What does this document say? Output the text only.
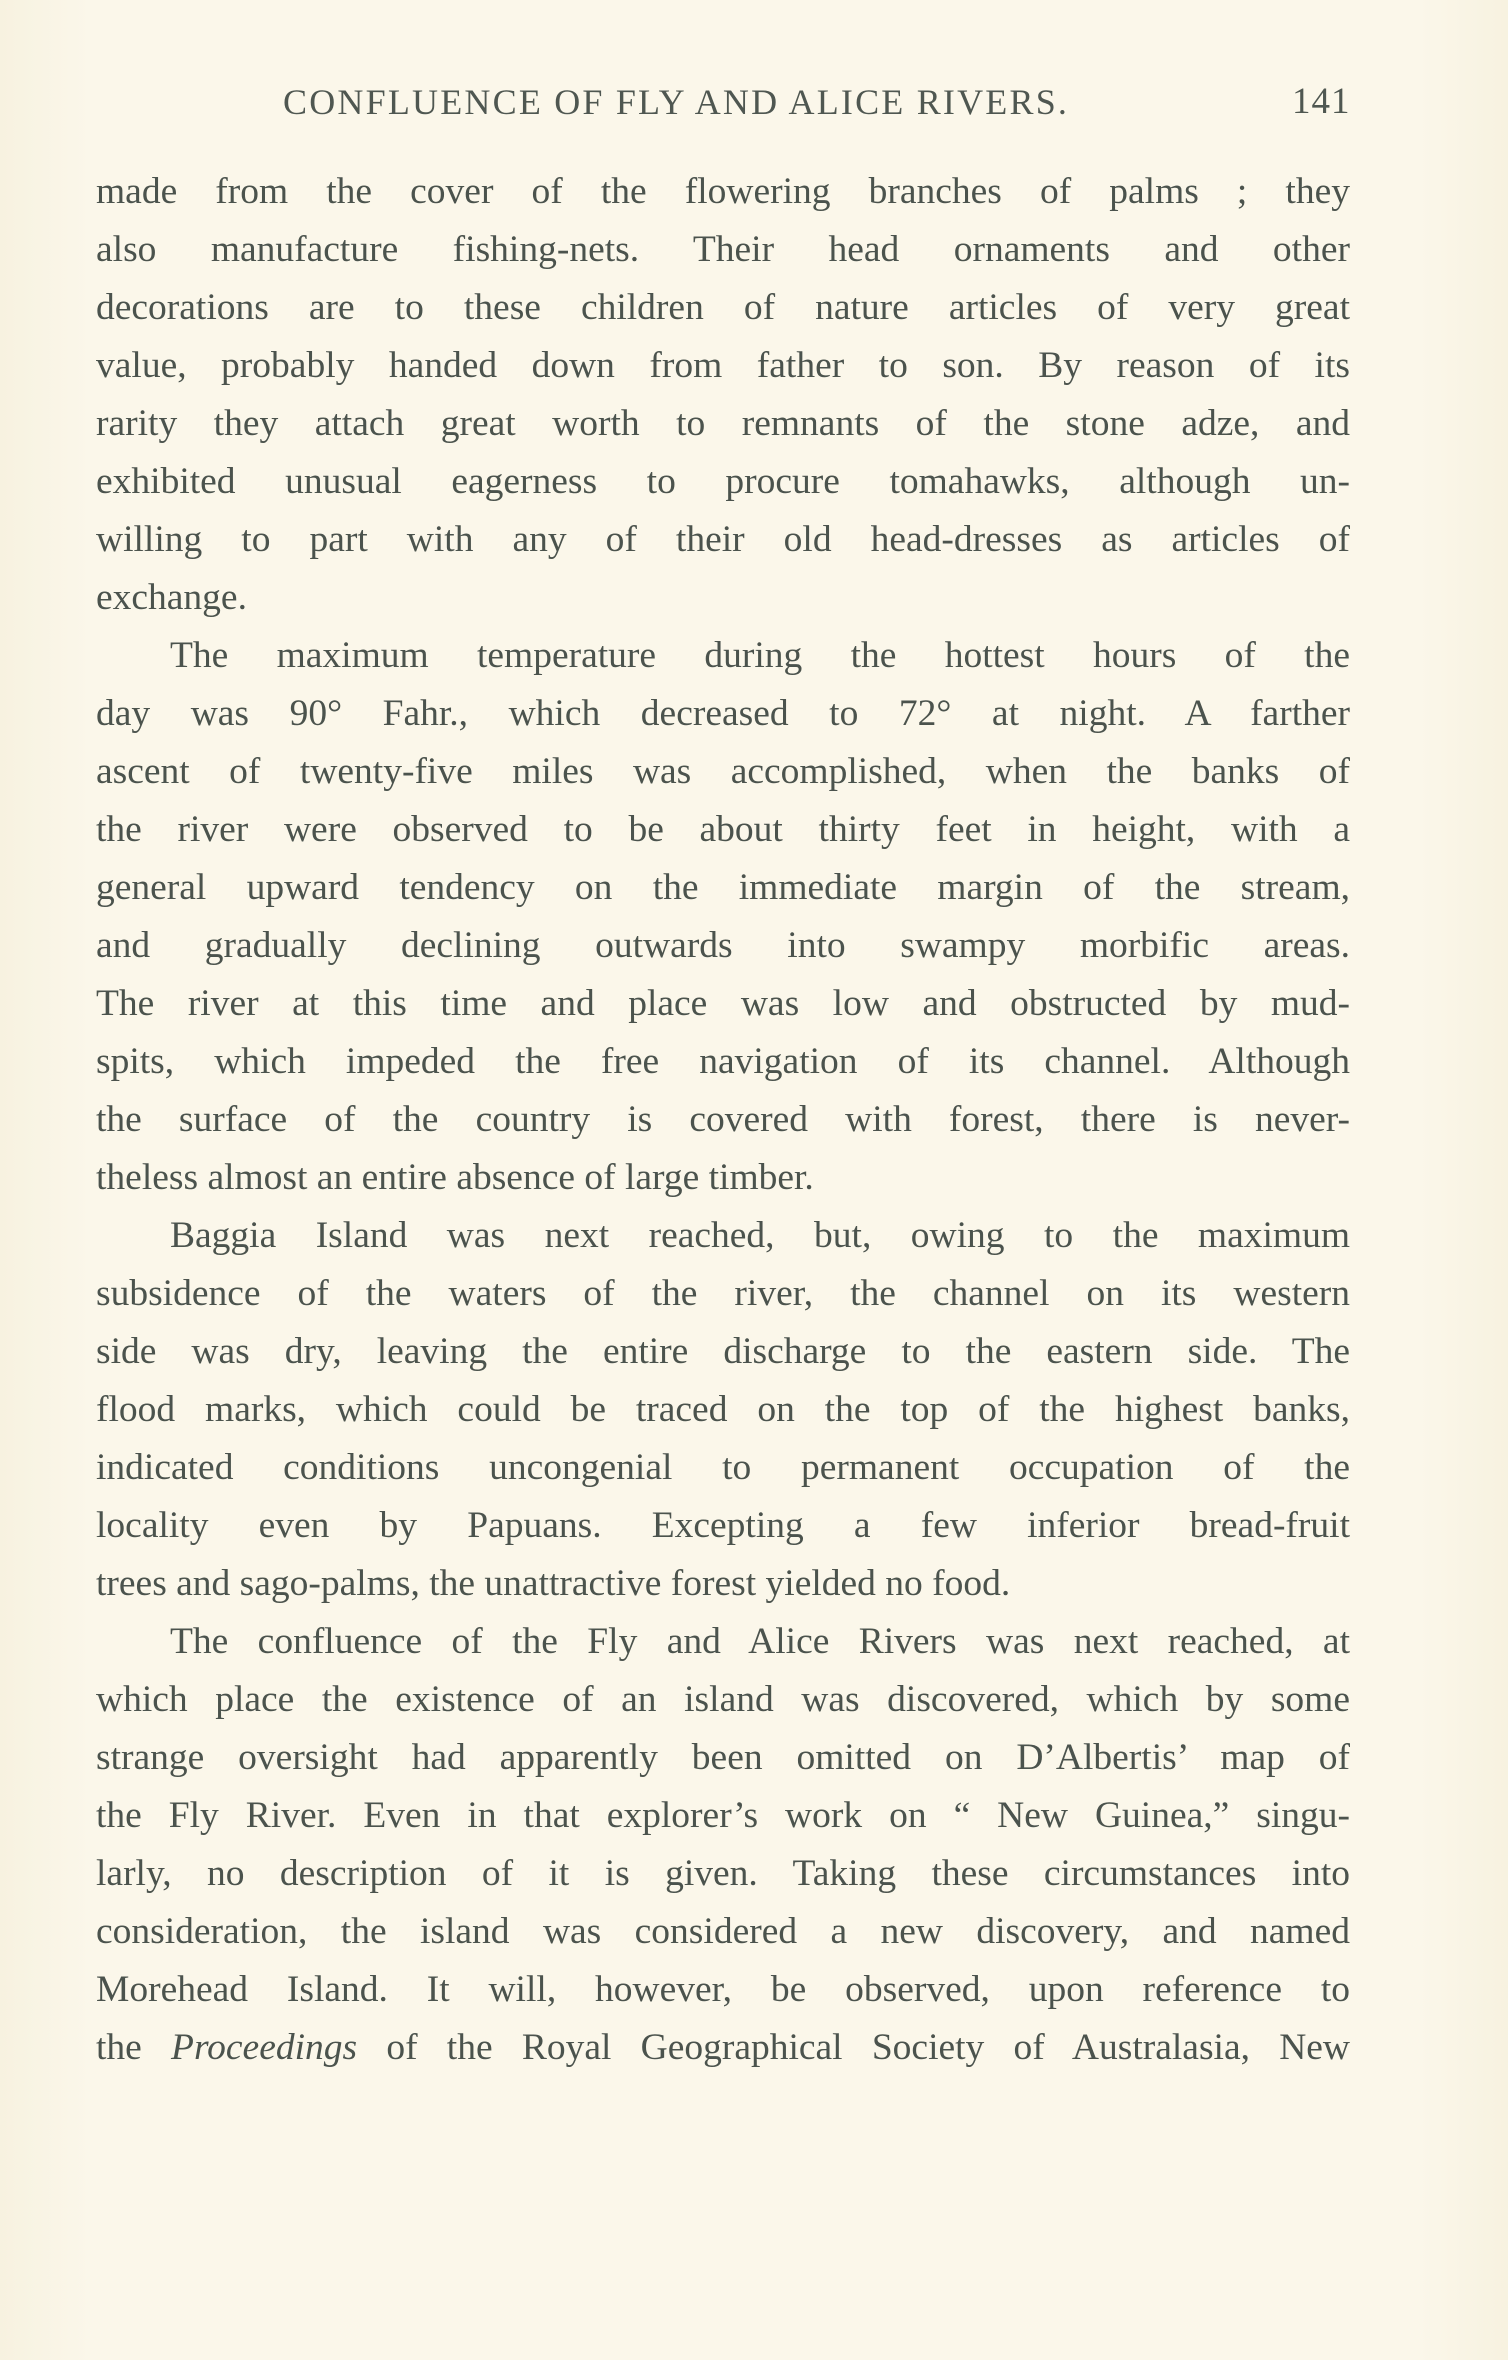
CONFLUENCE OF FLY AND ALICE RIVERS.	141
made from the cover of the flowering branches of palms ; they
also manufacture fishing-nets. Their head ornaments and other
decorations are to these children of nature articles of very great
value, probably handed down from father to son. By reason of its
rarity they attach great worth to remnants of the stone adze, and
exhibited unusual eagerness to procure tomahawks, although un-
willing to part with any of their old head-dresses as articles of
exchange.
The maximum temperature during the hottest hours of the
day was 90° Fahr., which decreased to 72° at night. A farther
ascent of twenty-five miles was accomplished, when the banks of
the river were observed to be about thirty feet in height, with a
general upward tendency on the immediate margin of the stream,
and gradually declining outwards into swampy morbific areas.
The river at this time and place was low and obstructed by mud-
spits, which impeded the free navigation of its channel. Although
the surface of the country is covered with forest, there is never-
theless almost an entire absence of large timber.
Baggia Island was next reached, but, owing to the maximum
subsidence of the waters of the river, the channel on its western
side was dry, leaving the entire discharge to the eastern side. The
flood marks, which could be traced on the top of the highest banks,
indicated conditions uncongenial to permanent occupation of the
locality even by Papuans. Excepting a few inferior bread-fruit
trees and sago-palms, the unattractive forest yielded no food.
The confluence of the Fly and Alice Rivers was next reached, at
which place the existence of an island was discovered, which by some
strange oversight had apparently been omitted on D’Albertis’ map of
the Fly River. Even in that explorer’s work on “ New Guinea,” singu-
larly, no description of it is given. Taking these circumstances into
consideration, the island was considered a new discovery, and named
Morehead Island. It will, however, be observed, upon reference to
the Proceedings of the Royal Geographical Society of Australasia, New
